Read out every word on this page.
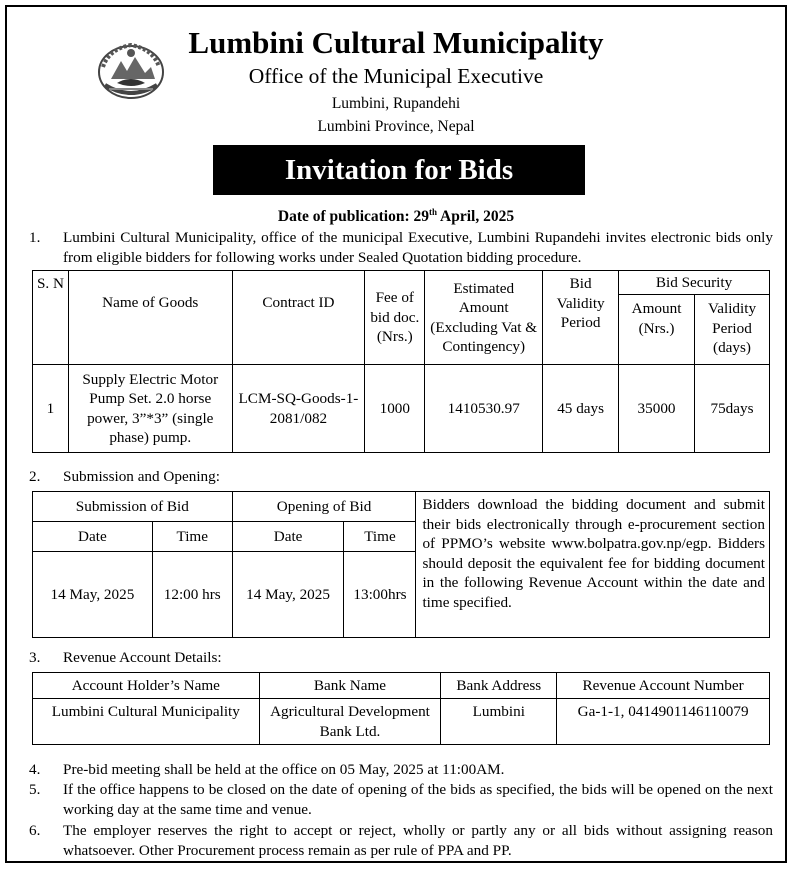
Lumbini Cultural Municipality
Office of the Municipal Executive
Lumbini, Rupandehi
Lumbini Province, Nepal
Invitation for Bids
Date of publication: 29th April, 2025
1. Lumbini Cultural Municipality, office of the municipal Executive, Lumbini Rupandehi invites electronic bids only from eligible bidders for following works under Sealed Quotation bidding procedure.
S. N	Name of Goods	Contract ID	Fee of bid doc. (Nrs.)	Estimated Amount (Excluding Vat & Contingency)	Bid Validity Period	Bid Security	
						Amount (Nrs.)	Validity Period (days)
1	Supply Electric Motor Pump Set. 2.0 horse power, 3”*3” (single phase) pump.	LCM-SQ-Goods-1-2081/082	1000	1410530.97	45 days	35000	75days
2. Submission and Opening:
Submission of Bid		Opening of Bid		Bidders download the bidding document and submit their bids electronically through e-procurement section of PPMO’s website www.bolpatra.gov.np/egp. Bidders should deposit the equivalent fee for bidding document in the following Revenue Account within the date and time specified.
Date	Time	Date	Time	
14 May, 2025	12:00 hrs	14 May, 2025	13:00hrs	
3. Revenue Account Details:
Account Holder’s Name	Bank Name	Bank Address	Revenue Account Number
Lumbini Cultural Municipality	Agricultural Development Bank Ltd.	Lumbini	Ga-1-1, 0414901146110079
4. Pre-bid meeting shall be held at the office on 05 May, 2025 at 11:00AM.
5. If the office happens to be closed on the date of opening of the bids as specified, the bids will be opened on the next working day at the same time and venue.
6. The employer reserves the right to accept or reject, wholly or partly any or all bids without assigning reason whatsoever. Other Procurement process remain as per rule of PPA and PP.
